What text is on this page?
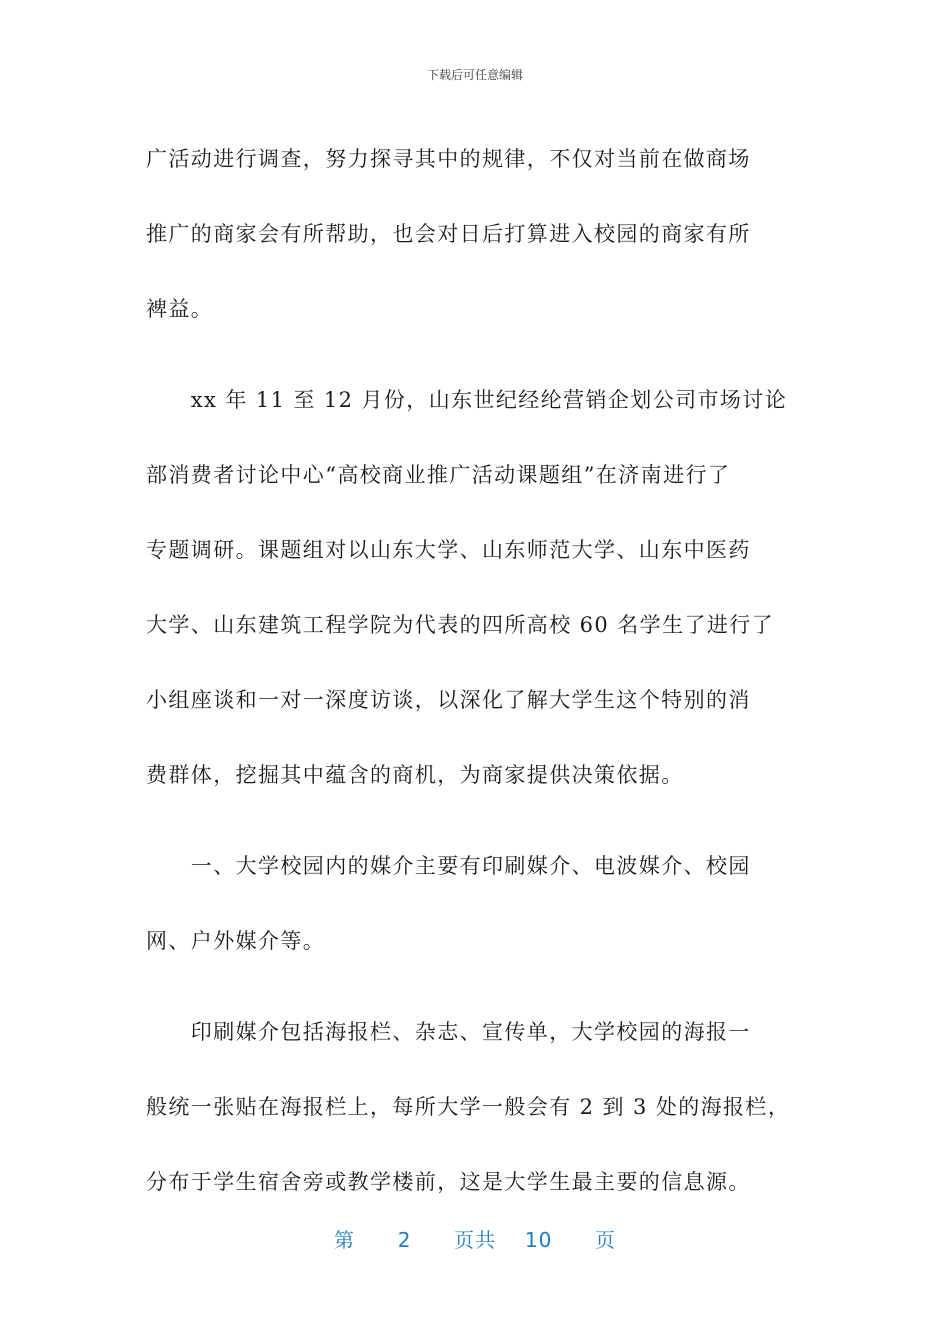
下载后可任意编辑

广活动进行调查，努力探寻其中的规律，不仅对当前在做商场
推广的商家会有所帮助，也会对日后打算进入校园的商家有所
裨益。

　　xx 年 11 至 12 月份，山东世纪经纶营销企划公司市场讨论
部消费者讨论中心“高校商业推广活动课题组”在济南进行了
专题调研。课题组对以山东大学、山东师范大学、山东中医药
大学、山东建筑工程学院为代表的四所高校 60 名学生了进行了
小组座谈和一对一深度访谈，以深化了解大学生这个特别的消
费群体，挖掘其中蕴含的商机，为商家提供决策依据。

　　一、大学校园内的媒介主要有印刷媒介、电波媒介、校园
网、户外媒介等。

　　印刷媒介包括海报栏、杂志、宣传单，大学校园的海报一
般统一张贴在海报栏上，每所大学一般会有 2 到 3 处的海报栏，
分布于学生宿舍旁或教学楼前，这是大学生最主要的信息源。

第 2 页共 10 页
